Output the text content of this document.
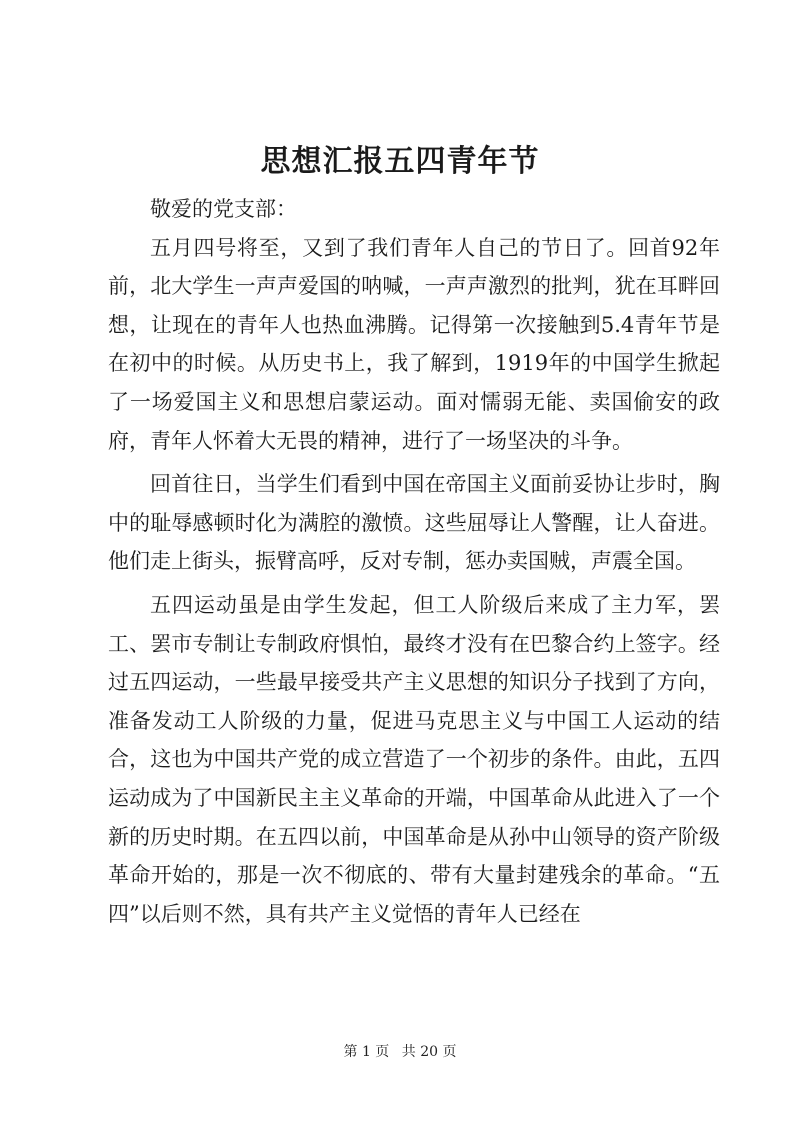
思想汇报五四青年节

敬爱的党支部：

五月四号将至，又到了我们青年人自己的节日了。回首92年前，北大学生一声声爱国的呐喊，一声声激烈的批判，犹在耳畔回想，让现在的青年人也热血沸腾。记得第一次接触到5.4青年节是在初中的时候。从历史书上，我了解到，1919年的中国学生掀起了一场爱国主义和思想启蒙运动。面对懦弱无能、卖国偷安的政府，青年人怀着大无畏的精神，进行了一场坚决的斗争。

回首往日，当学生们看到中国在帝国主义面前妥协让步时，胸中的耻辱感顿时化为满腔的激愤。这些屈辱让人警醒，让人奋进。他们走上街头，振臂高呼，反对专制，惩办卖国贼，声震全国。

五四运动虽是由学生发起，但工人阶级后来成了主力军，罢工、罢市专制让专制政府惧怕，最终才没有在巴黎合约上签字。经过五四运动，一些最早接受共产主义思想的知识分子找到了方向，准备发动工人阶级的力量，促进马克思主义与中国工人运动的结合，这也为中国共产党的成立营造了一个初步的条件。由此，五四运动成为了中国新民主主义革命的开端，中国革命从此进入了一个新的历史时期。在五四以前，中国革命是从孙中山领导的资产阶级革命开始的，那是一次不彻底的、带有大量封建残余的革命。“五四”以后则不然，具有共产主义觉悟的青年人已经在

第 1 页 共 20 页
